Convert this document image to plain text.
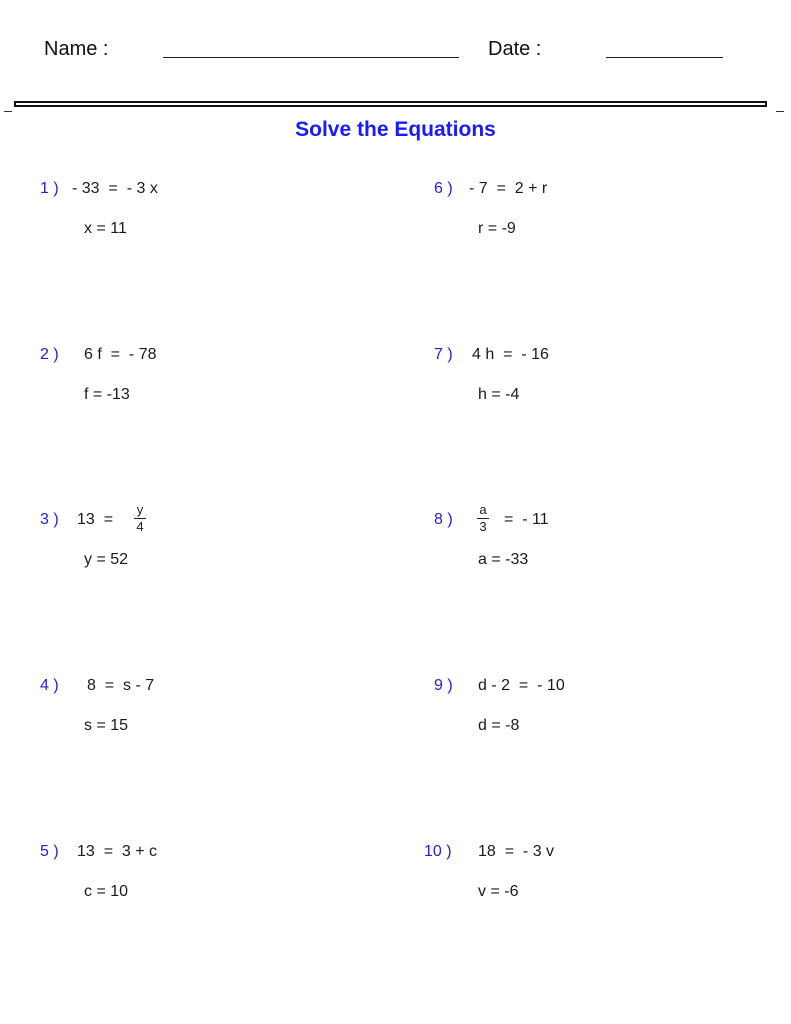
Name :	Date :
Solve the Equations
1 ) - 33  =  - 3 x
x = 11
2 ) 6 f  =  - 78
f = -13
3 ) 13  =
y
4
y = 52
4 ) 8  =  s - 7
s = 15
5 ) 13  =  3 + c
c = 10
6 ) - 7  =  2 + r
r = -9
7 ) 4 h  =  - 16
h = -4
8 )
a
3 =  - 11
a = -33
9 ) d - 2  =  - 10
d = -8
10 ) 18  =  - 3 v
v = -6
